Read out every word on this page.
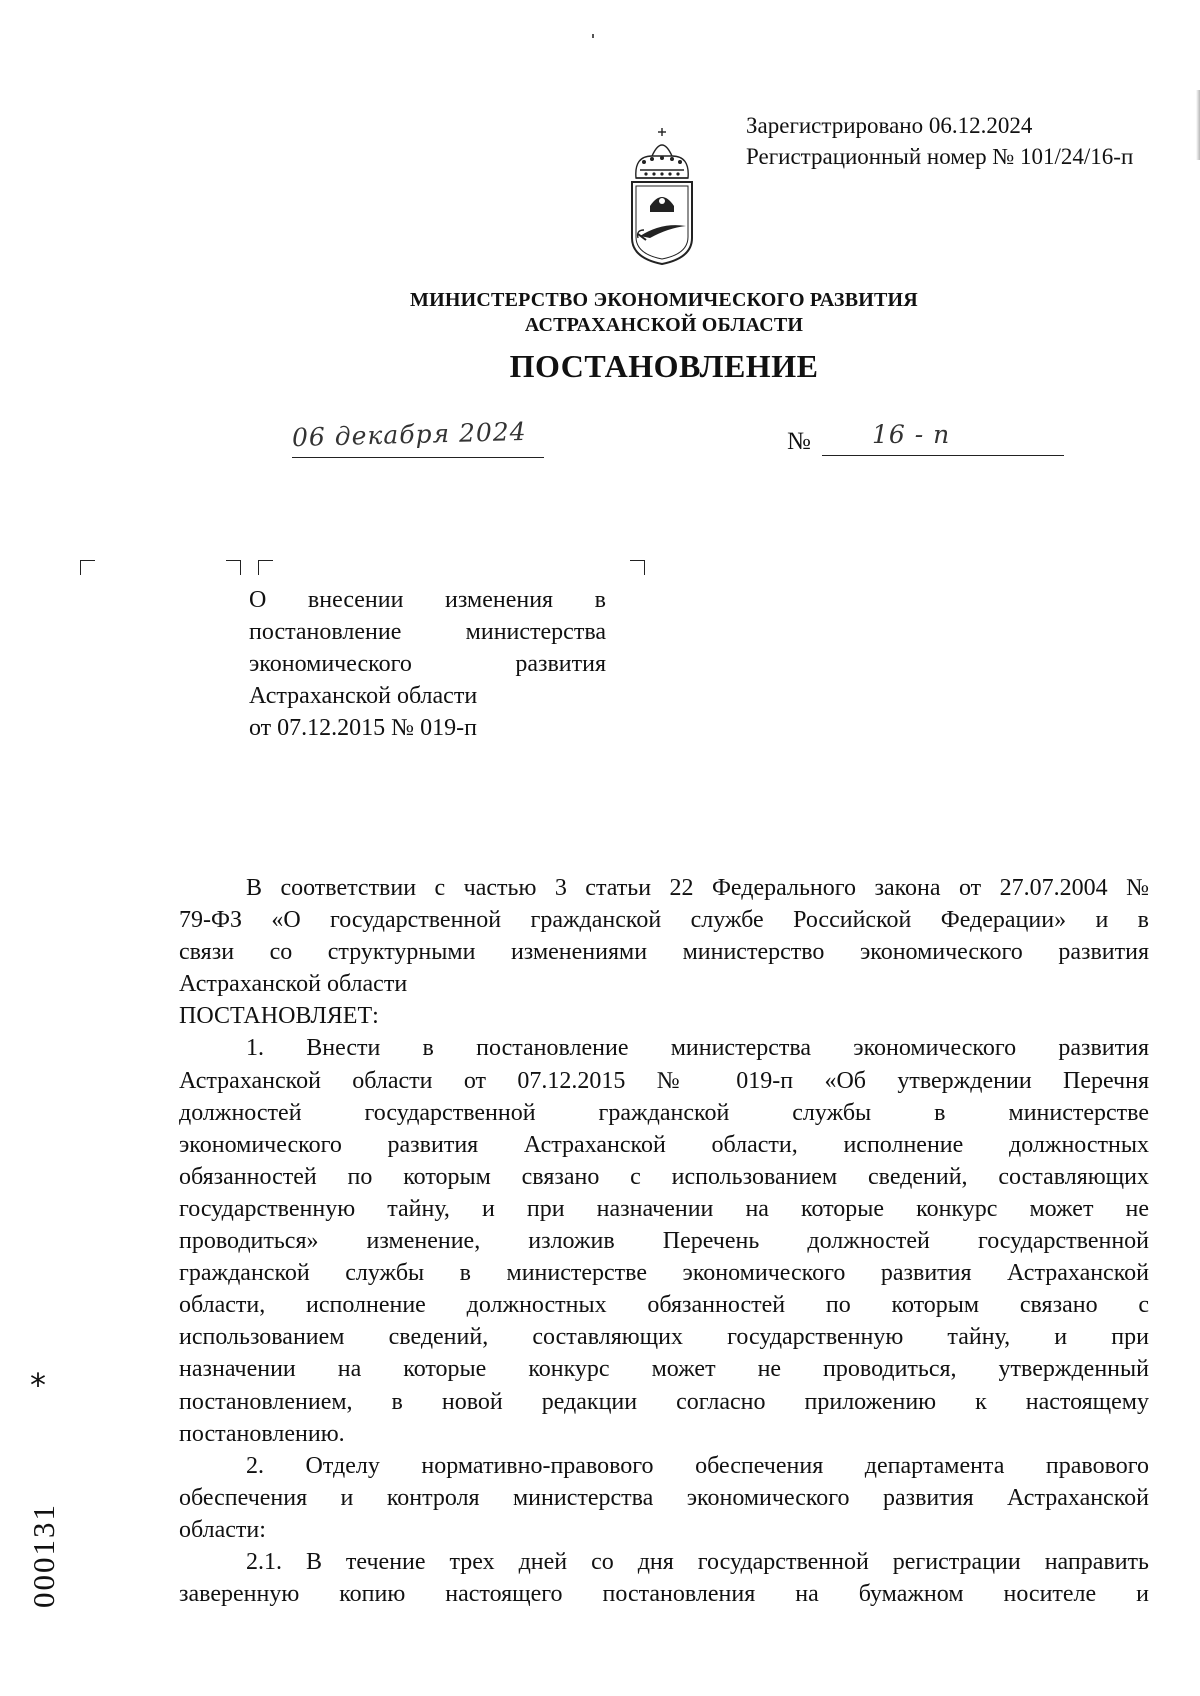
Зарегистрировано 06.12.2024
Регистрационный номер № 101/24/16-п
МИНИСТЕРСТВО ЭКОНОМИЧЕСКОГО РАЗВИТИЯ
АСТРАХАНСКОЙ ОБЛАСТИ
ПОСТАНОВЛЕНИЕ
06 декабря 2024	№ 16 - п
О внесении изменения в
постановление министерства
экономического развития
Астраханской области
от 07.12.2015 № 019-п
В соответствии с частью 3 статьи 22 Федерального закона от 27.07.2004 №
79-ФЗ «О государственной гражданской службе Российской Федерации» и в
связи со структурными изменениями министерство экономического развития
Астраханской области
ПОСТАНОВЛЯЕТ:
1. Внести в постановление министерства экономического развития
Астраханской области от 07.12.2015 № 019-п «Об утверждении Перечня
должностей государственной гражданской службы в министерстве
экономического развития Астраханской области, исполнение должностных
обязанностей по которым связано с использованием сведений, составляющих
государственную тайну, и при назначении на которые конкурс может не
проводиться» изменение, изложив Перечень должностей государственной
гражданской службы в министерстве экономического развития Астраханской
области, исполнение должностных обязанностей по которым связано с
использованием сведений, составляющих государственную тайну, и при
назначении на которые конкурс может не проводиться, утвержденный
постановлением, в новой редакции согласно приложению к настоящему
постановлению.
2. Отделу нормативно-правового обеспечения департамента правового
обеспечения и контроля министерства экономического развития Астраханской
области:
2.1. В течение трех дней со дня государственной регистрации направить
заверенную копию настоящего постановления на бумажном носителе и
*
000131
